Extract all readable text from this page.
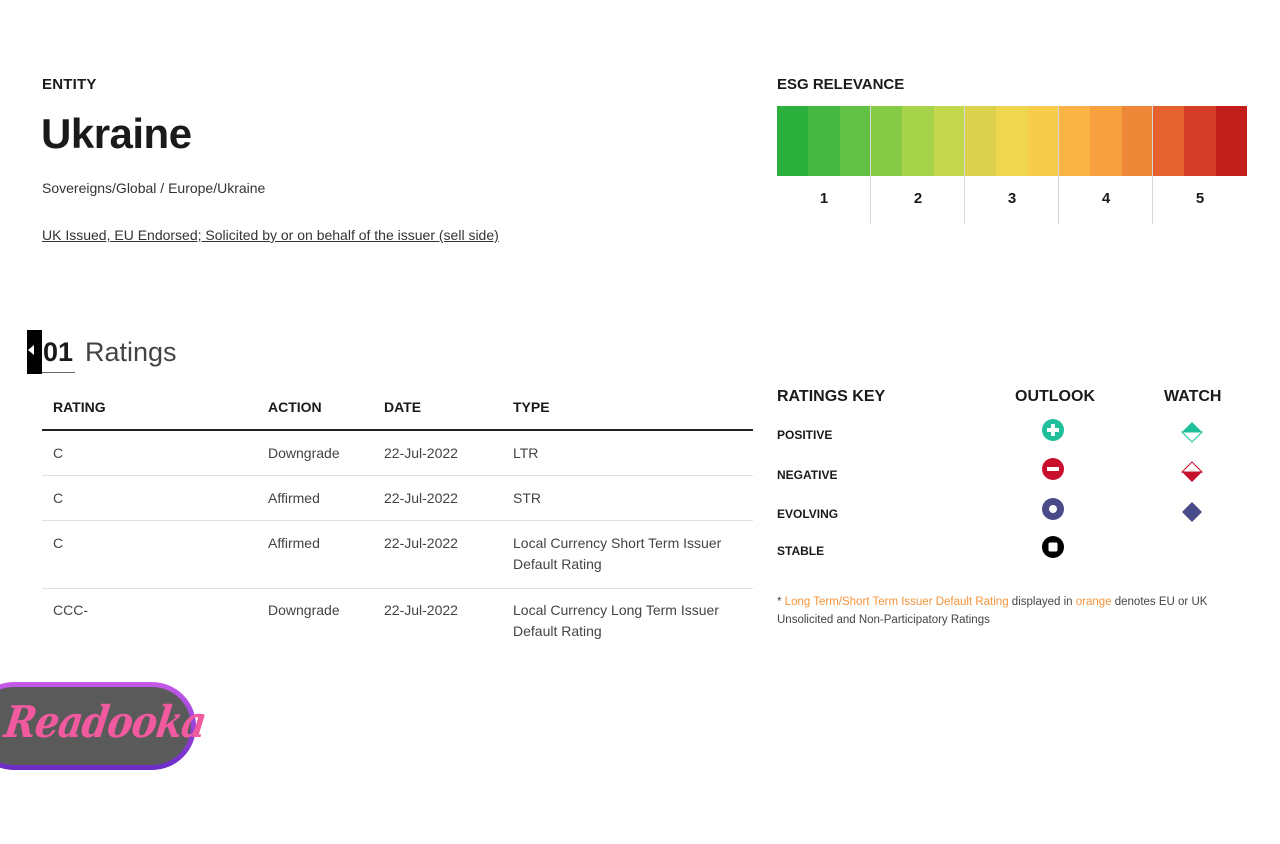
ENTITY
Ukraine
Sovereigns/Global / Europe/Ukraine
UK Issued, EU Endorsed; Solicited by or on behalf of the issuer (sell side)
ESG RELEVANCE
1	2	3	4	5
01 Ratings
RATING	ACTION	DATE	TYPE
C	Downgrade	22-Jul-2022	LTR
C	Affirmed	22-Jul-2022	STR
C	Affirmed	22-Jul-2022	Local Currency Short Term Issuer Default Rating
CCC-	Downgrade	22-Jul-2022	Local Currency Long Term Issuer Default Rating
RATINGS KEY	OUTLOOK	WATCH
POSITIVE
NEGATIVE
EVOLVING
STABLE
* Long Term/Short Term Issuer Default Rating displayed in orange denotes EU or UK Unsolicited and Non-Participatory Ratings
Readooka
